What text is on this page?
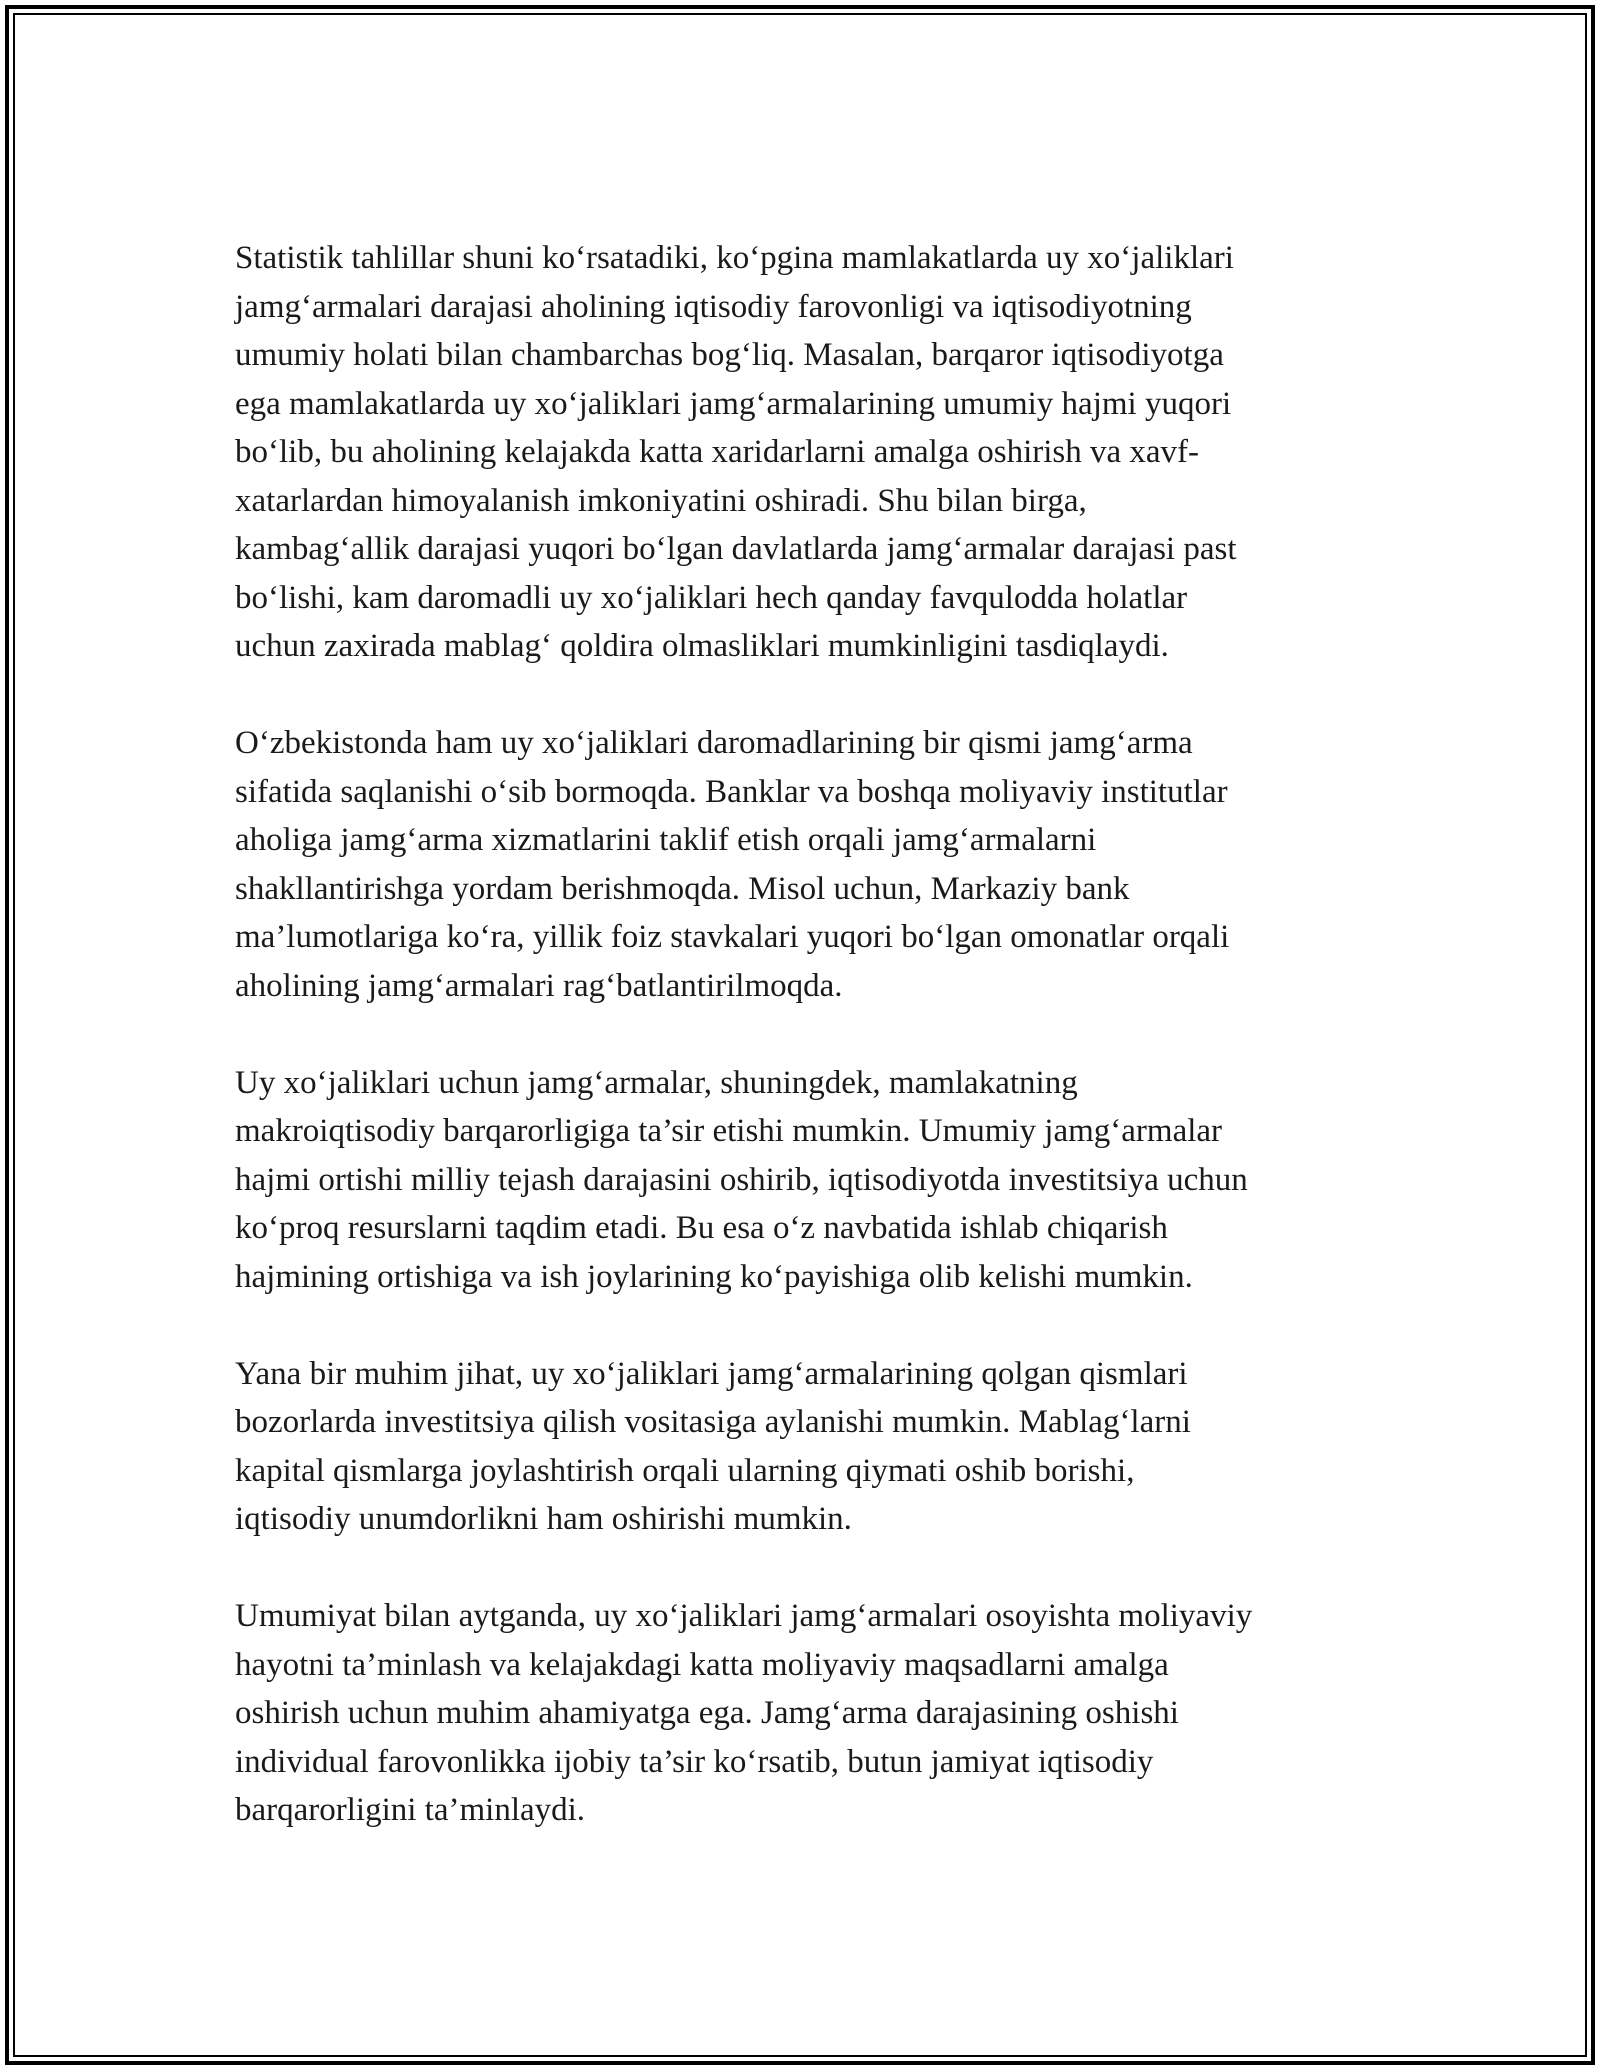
Statistik tahlillar shuni ko‘rsatadiki, ko‘pgina mamlakatlarda uy xo‘jaliklari
jamg‘armalari darajasi aholining iqtisodiy farovonligi va iqtisodiyotning
umumiy holati bilan chambarchas bog‘liq. Masalan, barqaror iqtisodiyotga
ega mamlakatlarda uy xo‘jaliklari jamg‘armalarining umumiy hajmi yuqori
bo‘lib, bu aholining kelajakda katta xaridarlarni amalga oshirish va xavf-
xatarlardan himoyalanish imkoniyatini oshiradi. Shu bilan birga,
kambag‘allik darajasi yuqori bo‘lgan davlatlarda jamg‘armalar darajasi past
bo‘lishi, kam daromadli uy xo‘jaliklari hech qanday favqulodda holatlar
uchun zaxirada mablag‘ qoldira olmasliklari mumkinligini tasdiqlaydi.

O‘zbekistonda ham uy xo‘jaliklari daromadlarining bir qismi jamg‘arma
sifatida saqlanishi o‘sib bormoqda. Banklar va boshqa moliyaviy institutlar
aholiga jamg‘arma xizmatlarini taklif etish orqali jamg‘armalarni
shakllantirishga yordam berishmoqda. Misol uchun, Markaziy bank
ma’lumotlariga ko‘ra, yillik foiz stavkalari yuqori bo‘lgan omonatlar orqali
aholining jamg‘armalari rag‘batlantirilmoqda.

Uy xo‘jaliklari uchun jamg‘armalar, shuningdek, mamlakatning
makroiqtisodiy barqarorligiga ta’sir etishi mumkin. Umumiy jamg‘armalar
hajmi ortishi milliy tejash darajasini oshirib, iqtisodiyotda investitsiya uchun
ko‘proq resurslarni taqdim etadi. Bu esa o‘z navbatida ishlab chiqarish
hajmining ortishiga va ish joylarining ko‘payishiga olib kelishi mumkin.

Yana bir muhim jihat, uy xo‘jaliklari jamg‘armalarining qolgan qismlari
bozorlarda investitsiya qilish vositasiga aylanishi mumkin. Mablag‘larni
kapital qismlarga joylashtirish orqali ularning qiymati oshib borishi,
iqtisodiy unumdorlikni ham oshirishi mumkin.

Umumiyat bilan aytganda, uy xo‘jaliklari jamg‘armalari osoyishta moliyaviy
hayotni ta’minlash va kelajakdagi katta moliyaviy maqsadlarni amalga
oshirish uchun muhim ahamiyatga ega. Jamg‘arma darajasining oshishi
individual farovonlikka ijobiy ta’sir ko‘rsatib, butun jamiyat iqtisodiy
barqarorligini ta’minlaydi.
